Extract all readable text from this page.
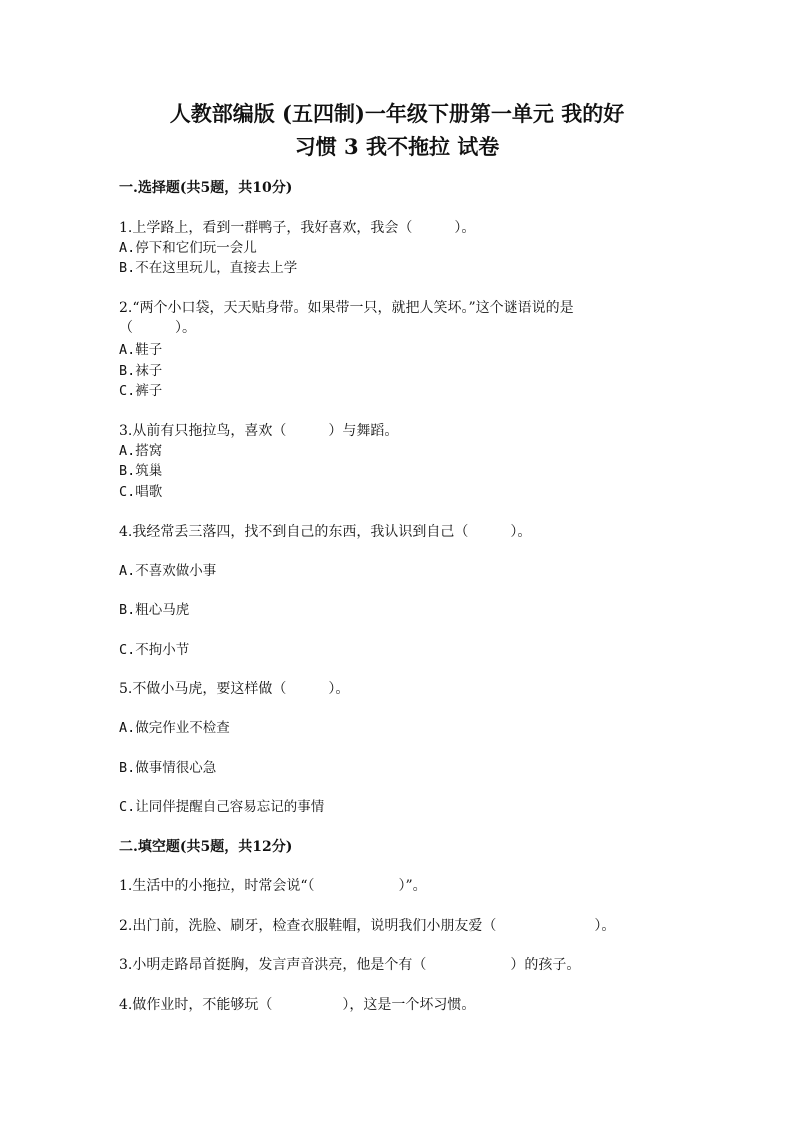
人教部编版 (五四制)一年级下册第一单元 我的好
习惯 3 我不拖拉 试卷

一.选择题(共5题，共10分)

1.上学路上，看到一群鸭子，我好喜欢，我会（　　　）。

A.停下和它们玩一会儿

B.不在这里玩儿，直接去上学

2.“两个小口袋，天天贴身带。如果带一只，就把人笑坏。”这个谜语说的是

（　　　）。

A.鞋子

B.袜子

C.裤子

3.从前有只拖拉鸟，喜欢（　　　）与舞蹈。

A.搭窝

B.筑巢

C.唱歌

4.我经常丢三落四，找不到自己的东西，我认识到自己（　　　）。

A.不喜欢做小事

B.粗心马虎

C.不拘小节

5.不做小马虎，要这样做（　　　）。

A.做完作业不检查

B.做事情很心急

C.让同伴提醒自己容易忘记的事情

二.填空题(共5题，共12分)

1.生活中的小拖拉，时常会说“（　　　　　　）”。

2.出门前，洗脸、刷牙，检查衣服鞋帽，说明我们小朋友爱（　　　　　　　）。

3.小明走路昂首挺胸，发言声音洪亮，他是个有（　　　　　　）的孩子。

4.做作业时，不能够玩（　　　　　），这是一个坏习惯。
